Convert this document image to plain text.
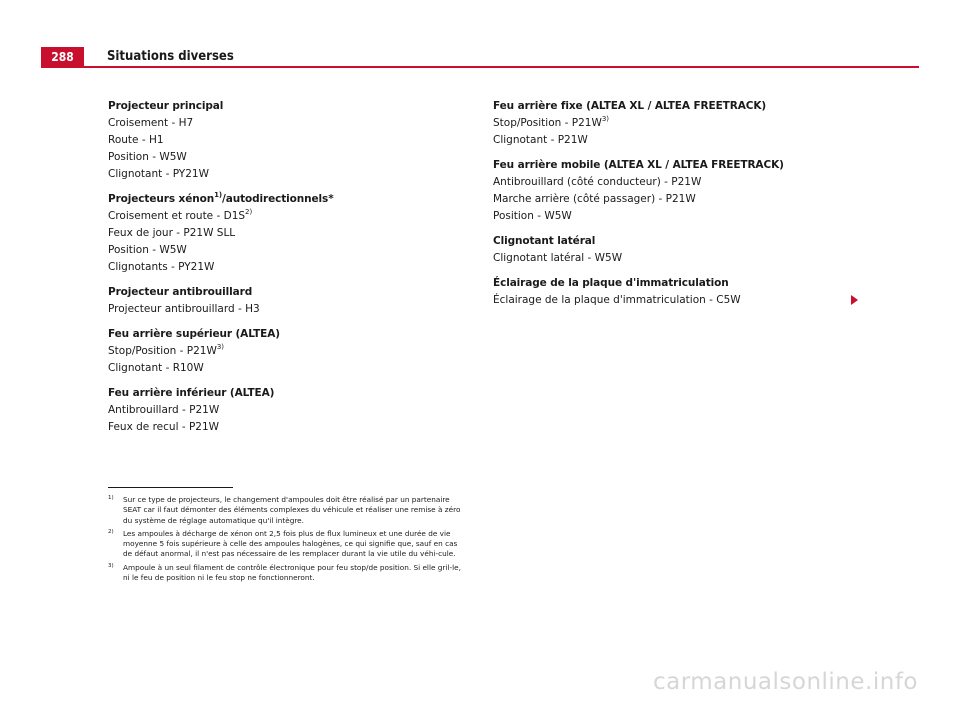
288	Situations diverses
Projecteur principal
Croisement - H7
Route - H1
Position - W5W
Clignotant - PY21W
Projecteurs xénon$^{1)}$/autodirectionnels*
Croisement et route - $D1S^{2)}$
Feux de jour - P21W SLL
Position - W5W
Clignotants - PY21W
Projecteur antibrouillard
Projecteur antibrouillard - H3
Feu arrière supérieur (ALTEA)
Stop/Position - $P21W^{3)}$
Clignotant - R10W
Feu arrière inférieur (ALTEA)
Antibrouillard - P21W
Feux de recul - P21W
Feu arrière fixe (ALTEA XL / ALTEA FREETRACK)
Stop/Position - $P21W^{3)}$
Clignotant - P21W
Feu arrière mobile (ALTEA XL / ALTEA FREETRACK)
Antibrouillard (côté conducteur) - P21W
Marche arrière (côté passager) - P21W
Position - W5W
Clignotant latéral
Clignotant latéral - W5W
Éclairage de la plaque d'immatriculation
Éclairage de la plaque d'immatriculation - C5W
1) Sur ce type de projecteurs, le changement d'ampoules doit être réalisé par un partenaire SEAT car il faut démonter des éléments complexes du véhicule et réaliser une remise à zéro du système de réglage automatique qu'il intègre.
2) Les ampoules à décharge de xénon ont 2,5 fois plus de flux lumineux et une durée de vie moyenne 5 fois supérieure à celle des ampoules halogènes, ce qui signifie que, sauf en cas de défaut anormal, il n'est pas nécessaire de les remplacer durant la vie utile du véhi-cule.
3) Ampoule à un seul filament de contrôle électronique pour feu stop/de position. Si elle gril-le, ni le feu de position ni le feu stop ne fonctionneront.
carmanualsonline.info
